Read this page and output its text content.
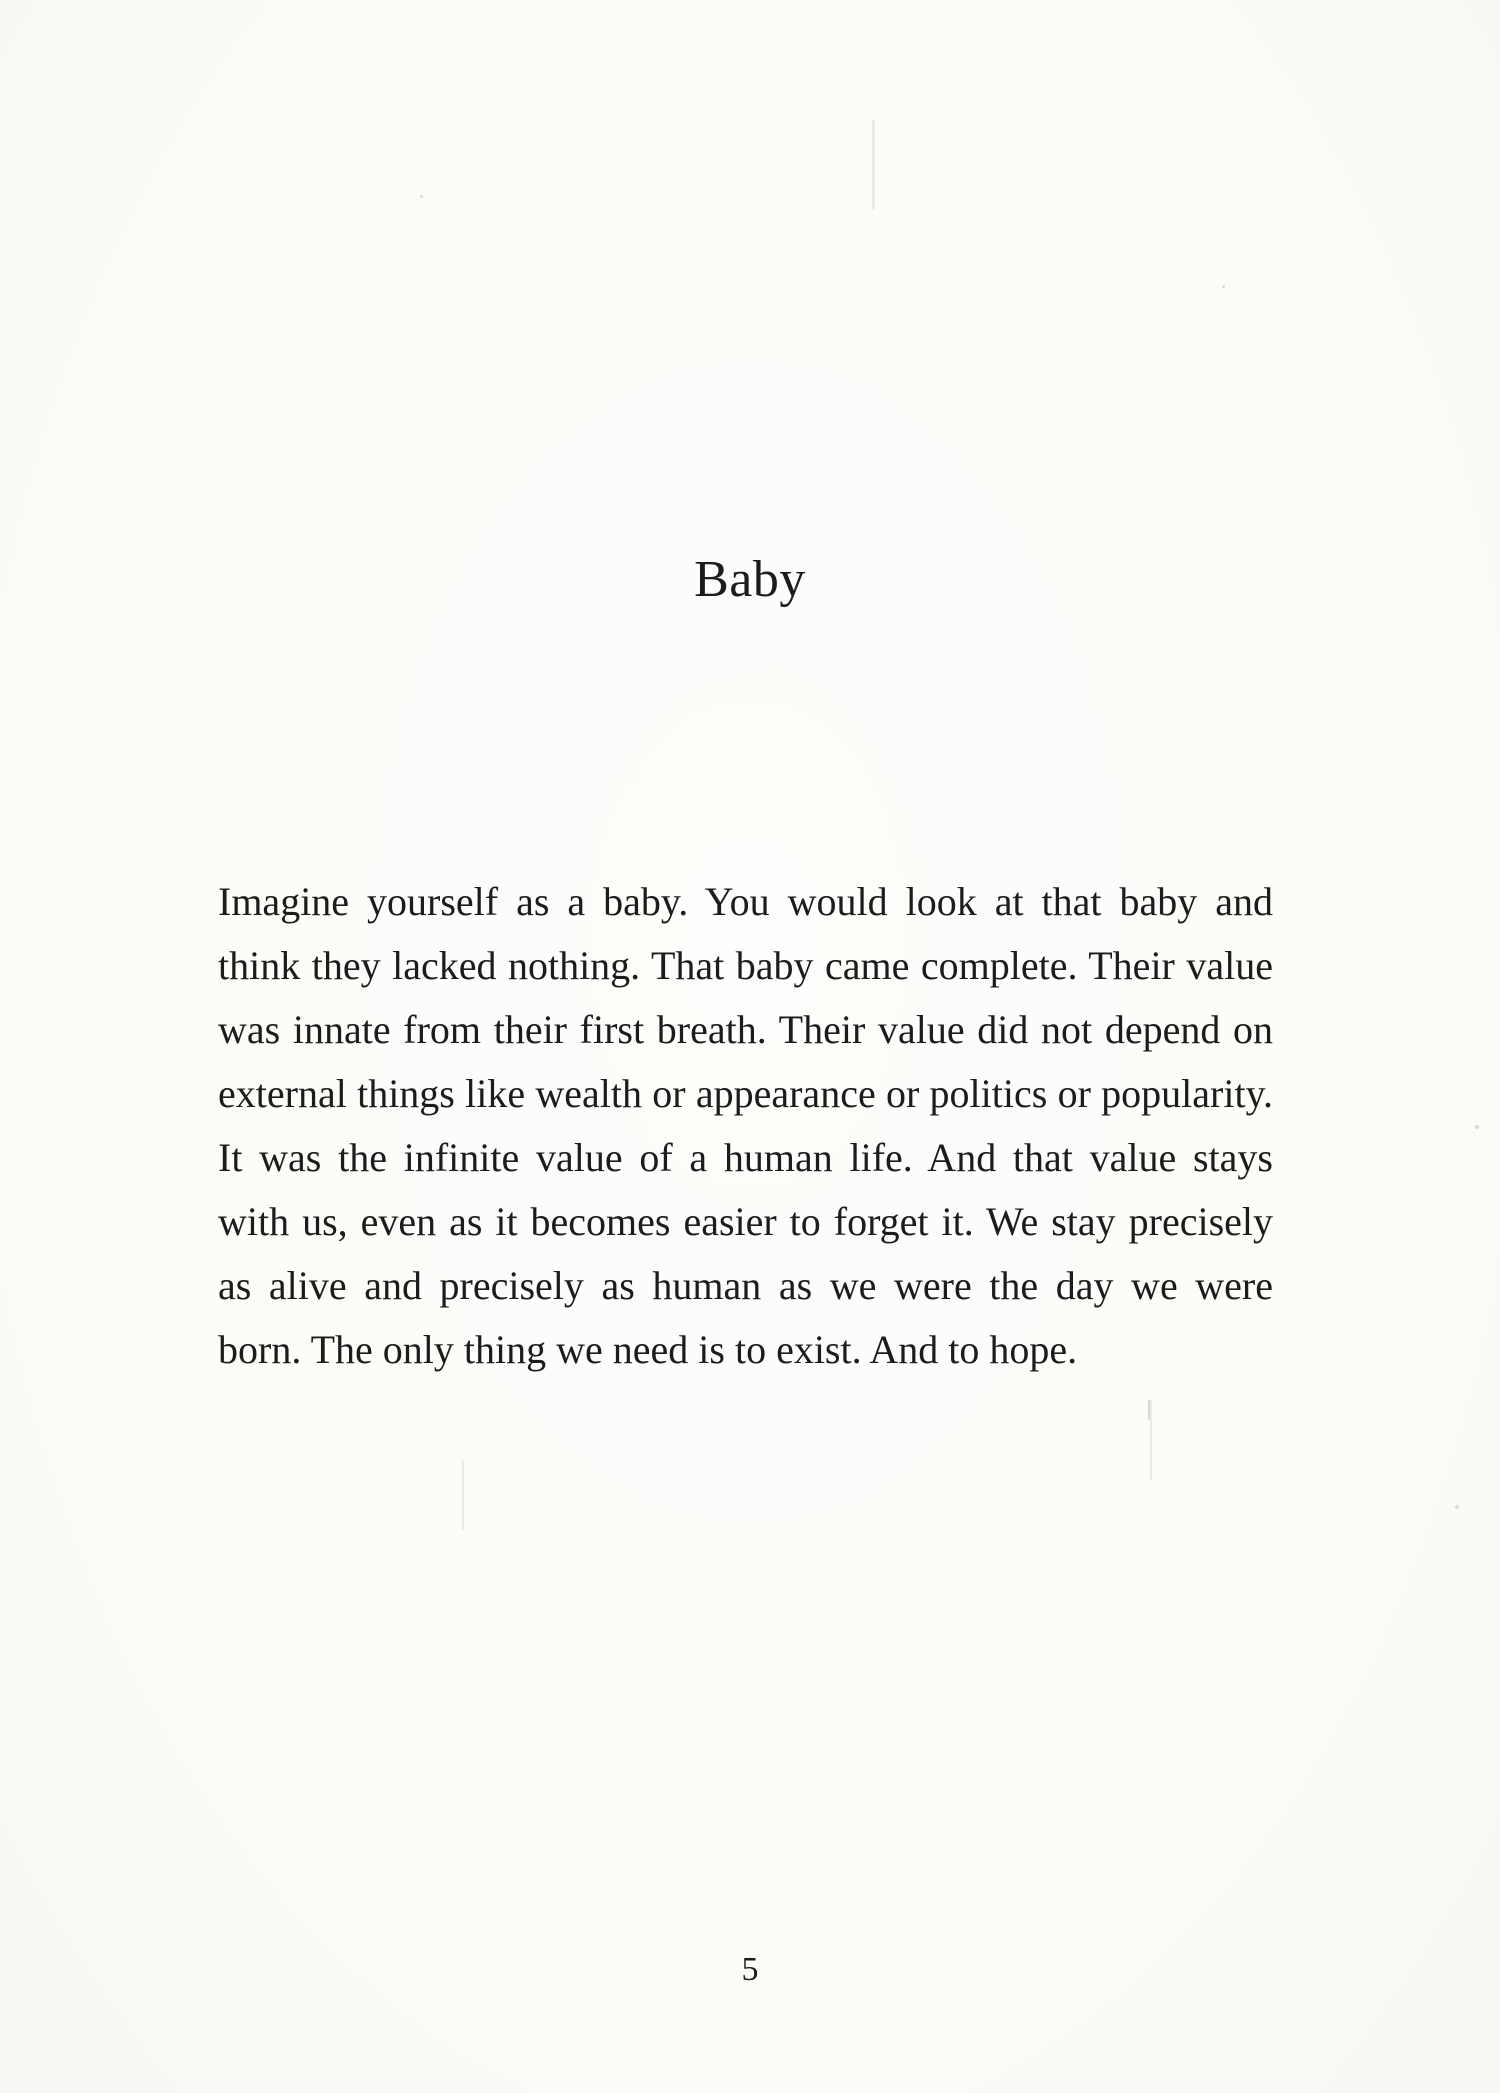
Baby

Imagine yourself as a baby. You would look at that baby and think they lacked nothing. That baby came complete. Their value was innate from their first breath. Their value did not depend on external things like wealth or appearance or politics or popularity. It was the infinite value of a human life. And that value stays with us, even as it becomes easier to forget it. We stay precisely as alive and precisely as human as we were the day we were born. The only thing we need is to exist. And to hope.

5
